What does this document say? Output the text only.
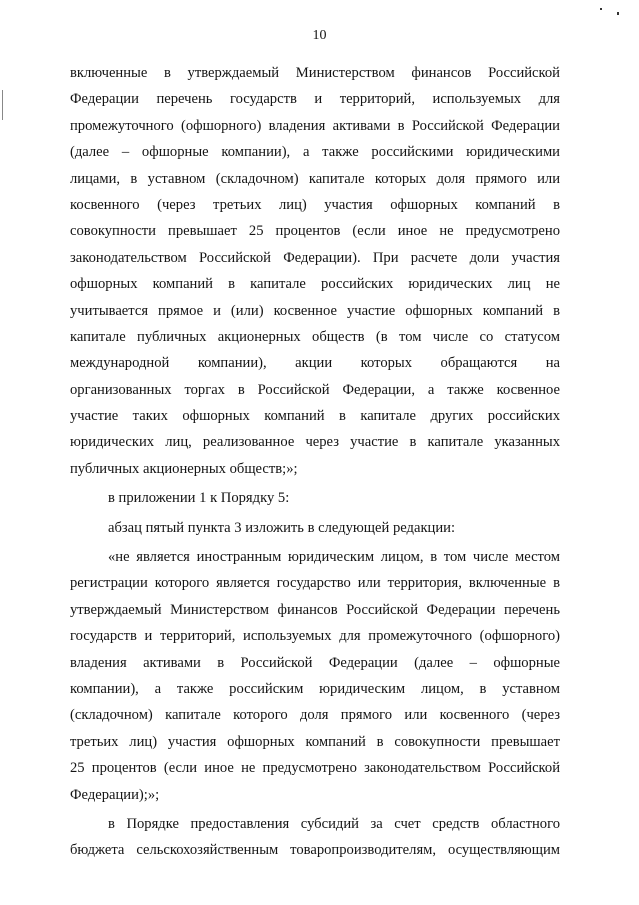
10
включенные в утверждаемый Министерством финансов Российской
Федерации перечень государств и территорий, используемых для
промежуточного (офшорного) владения активами в Российской Федерации
(далее – офшорные компании), а также российскими юридическими
лицами, в уставном (складочном) капитале которых доля прямого или
косвенного (через третьих лиц) участия офшорных компаний в
совокупности превышает 25 процентов (если иное не предусмотрено
законодательством Российской Федерации). При расчете доли участия
офшорных компаний в капитале российских юридических лиц не
учитывается прямое и (или) косвенное участие офшорных компаний в
капитале публичных акционерных обществ (в том числе со статусом
международной компании), акции которых обращаются на
организованных торгах в Российской Федерации, а также косвенное
участие таких офшорных компаний в капитале других российских
юридических лиц, реализованное через участие в капитале указанных
публичных акционерных обществ;»;
в приложении 1 к Порядку 5:
абзац пятый пункта 3 изложить в следующей редакции:
«не является иностранным юридическим лицом, в том числе местом
регистрации которого является государство или территория, включенные в
утверждаемый Министерством финансов Российской Федерации перечень
государств и территорий, используемых для промежуточного (офшорного)
владения активами в Российской Федерации (далее – офшорные
компании), а также российским юридическим лицом, в уставном
(складочном) капитале которого доля прямого или косвенного (через
третьих лиц) участия офшорных компаний в совокупности превышает
25 процентов (если иное не предусмотрено законодательством Российской
Федерации);»;
в Порядке предоставления субсидий за счет средств областного
бюджета сельскохозяйственным товаропроизводителям, осуществляющим
